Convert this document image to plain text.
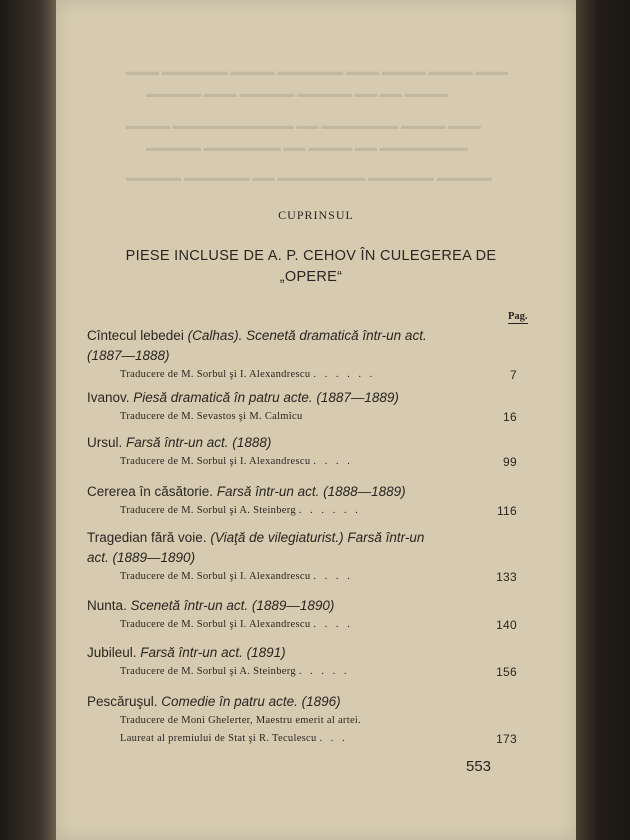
▬▬▬ ▬▬▬▬ ▬▬▬▬ ▬▬▬ ▬▬▬▬▬▬ ▬▬▬▬ ▬▬▬▬▬▬ ▬▬▬
▬▬▬▬ ▬▬ ▬▬ ▬▬▬▬▬ ▬▬▬▬▬ ▬▬▬ ▬▬▬▬▬
▬▬▬ ▬▬▬▬ ▬▬▬▬▬▬▬ ▬▬ ▬▬▬▬▬▬▬▬▬▬▬ ▬▬▬▬
▬▬▬▬▬▬▬▬ ▬▬ ▬▬▬▬ ▬▬ ▬▬▬▬▬▬▬ ▬▬▬▬▬
▬▬▬▬▬ ▬▬▬▬▬▬ ▬▬▬▬▬▬▬▬ ▬▬ ▬▬▬▬▬▬ ▬▬▬▬▬
CUPRINSUL
PIESE INCLUSE DE A. P. CEHOV ÎN CULEGEREA DE
„OPERE“
Pag.
Cîntecul lebedei (Calhas). Scenetă dramatică într-un act.
(1887—1888)
Traducere de M. Sorbul şi I. Alexandrescu . . . . . .	7
Ivanov. Piesă dramatică în patru acte. (1887—1889)
Traducere de M. Sevastos şi M. Calmîcu	16
Ursul. Farsă într-un act. (1888)
Traducere de M. Sorbul şi I. Alexandrescu . . . .	99
Cererea în căsătorie. Farsă într-un act. (1888—1889)
Traducere de M. Sorbul şi A. Steinberg . . . . . .	116
Tragedian fără voie. (Viaţă de vilegiaturist.) Farsă într-un
act. (1889—1890)
Traducere de M. Sorbul şi I. Alexandrescu . . . .	133
Nunta. Scenetă într-un act. (1889—1890)
Traducere de M. Sorbul şi I. Alexandrescu . . . .	140
Jubileul. Farsă într-un act. (1891)
Traducere de M. Sorbul şi A. Steinberg . . . . .	156
Pescăruşul. Comedie în patru acte. (1896)
Traducere de Moni Ghelerter, Maestru emerit al artei.
Laureat al premiului de Stat şi R. Teculescu . . .	173
553
